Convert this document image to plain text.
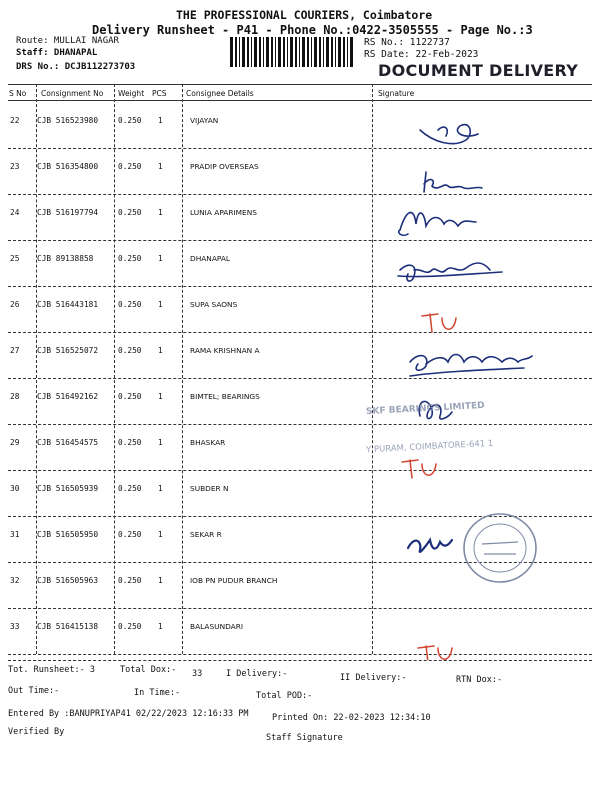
THE PROFESSIONAL COURIERS, Coimbatore
Delivery Runsheet - P41 - Phone No.:0422-3505555 - Page No.:3
Route: MULLAI NAGAR
Staff: DHANAPAL
DRS No.: DCJB112273703
RS No.: 1122737
RS Date: 22-Feb-2023
DOCUMENT DELIVERY
S No Consignment No Weight PCS	Consignee Details	Signature
22 CJB 516523980	0.250 1	VIJAYAN
23 CJB 516354800	0.250 1	PRADIP OVERSEAS
24 CJB 516197794	0.250 1	LUNIA APARIMENS
25 CJB 89138858	0.250 1	DHANAPAL
26 CJB 516443181	0.250 1	SUPA SAONS
27 CJB 516525072	0.250 1	RAMA KRISHNAN A
28 CJB 516492162	0.250 1	BIMTEL; BEARINGS
29 CJB 516454575	0.250 1	BHASKAR
30 CJB 516505939	0.250 1	SUBDER N
31 CJB 516505950	0.250 1	SEKAR R
32 CJB 516505963	0.250 1	IOB PN PUDUR BRANCH
33 CJB 516415138	0.250 1	BALASUNDARI
SKF BEARINGS LIMITED
Y PURAM, COIMBATORE-641 1
Tot. Runsheet:- 3	Total Dox:- 33	I Delivery:-	II Delivery:-	RTN Dox:-
Out Time:-	In Time:-	Total POD:-
Entered By :BANUPRIYAP41 02/22/2023 12:16:33 PM	Printed On: 22-02-2023 12:34:10
Verified By
Staff Signature
